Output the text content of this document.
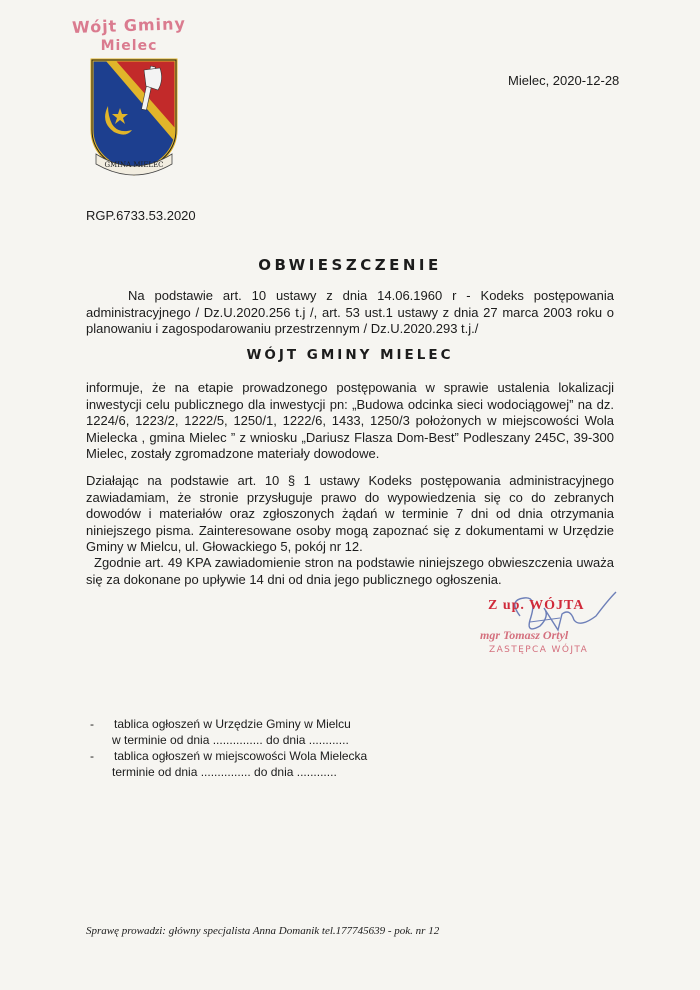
Wójt Gminy
Mielec
GMINA MIELEC
Mielec, 2020-12-28
RGP.6733.53.2020
OBWIESZCZENIE
Na podstawie art. 10 ustawy z dnia 14.06.1960 r - Kodeks postępowania administracyjnego / Dz.U.2020.256 t.j /, art. 53 ust.1 ustawy z dnia 27 marca 2003 roku o planowaniu i zagospodarowaniu przestrzennym / Dz.U.2020.293 t.j./
WÓJT GMINY MIELEC
informuje, że na etapie prowadzonego postępowania w sprawie ustalenia lokalizacji inwestycji celu publicznego dla inwestycji pn: „Budowa odcinka sieci wodociągowej” na dz. 1224/6, 1223/2, 1222/5, 1250/1, 1222/6, 1433, 1250/3 położonych w miejscowości Wola Mielecka , gmina Mielec ” z wniosku „Dariusz Flasza Dom-Best” Podleszany 245C, 39-300 Mielec, zostały zgromadzone materiały dowodowe.
Działając na podstawie art. 10 § 1 ustawy Kodeks postępowania administracyjnego zawiadamiam, że stronie przysługuje prawo do wypowiedzenia się co do zebranych dowodów i materiałów oraz zgłoszonych żądań w terminie 7 dni od dnia otrzymania niniejszego pisma. Zainteresowane osoby mogą zapoznać się z dokumentami w Urzędzie Gminy w Mielcu, ul. Głowackiego 5, pokój nr 12.
Zgodnie art. 49 KPA zawiadomienie stron na podstawie niniejszego obwieszczenia uważa się za dokonane po upływie 14 dni od dnia jego publicznego ogłoszenia.
Z up. WÓJTA
mgr Tomasz Ortyl
ZASTĘPCA WÓJTA
-	tablica ogłoszeń w Urzędzie Gminy w Mielcu
w terminie od dnia ............... do dnia ............
-	tablica ogłoszeń w miejscowości Wola Mielecka
terminie od dnia ............... do dnia ............
Sprawę prowadzi: główny specjalista Anna Domanik tel.177745639 - pok. nr 12
